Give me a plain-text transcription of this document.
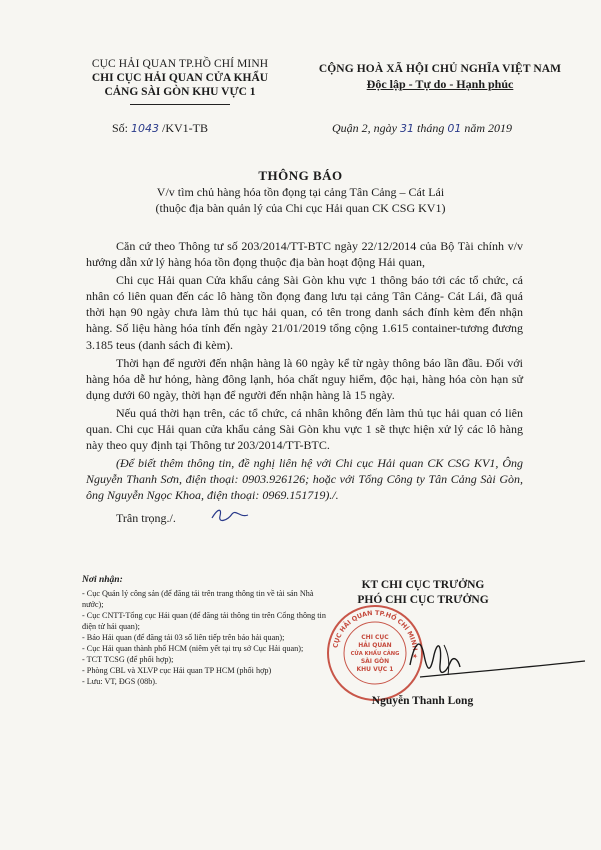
CỤC HẢI QUAN TP.HỒ CHÍ MINH
CHI CỤC HẢI QUAN CỬA KHẨU
CẢNG SÀI GÒN KHU VỰC 1
CỘNG HOÀ XÃ HỘI CHỦ NGHĨA VIỆT NAM
Độc lập - Tự do - Hạnh phúc
Số: 1043 /KV1-TB	Quận 2, ngày 31 tháng 01 năm 2019
THÔNG BÁO
V/v tìm chủ hàng hóa tồn đọng tại cảng Tân Cảng – Cát Lái
(thuộc địa bàn quản lý của Chi cục Hải quan CK CSG KV1)

Căn cứ theo Thông tư số 203/2014/TT-BTC ngày 22/12/2014 của Bộ Tài chính v/v hướng dẫn xử lý hàng hóa tồn đọng thuộc địa bàn hoạt động Hải quan,

Chi cục Hải quan Cửa khẩu cảng Sài Gòn khu vực 1 thông báo tới các tổ chức, cá nhân có liên quan đến các lô hàng tồn đọng đang lưu tại cảng Tân Cảng- Cát Lái, đã quá thời hạn 90 ngày chưa làm thủ tục hải quan, có tên trong danh sách đính kèm đến nhận hàng. Số liệu hàng hóa tính đến ngày 21/01/2019 tổng cộng 1.615 container-tương đương 3.185 teus (danh sách đi kèm).

Thời hạn để người đến nhận hàng là 60 ngày kể từ ngày thông báo lần đầu. Đối với hàng hóa dễ hư hỏng, hàng đông lạnh, hóa chất nguy hiểm, độc hại, hàng hóa còn hạn sử dụng dưới 60 ngày, thời hạn để người đến nhận hàng là 15 ngày.

Nếu quá thời hạn trên, các tổ chức, cá nhân không đến làm thủ tục hải quan có liên quan. Chi cục Hải quan cửa khẩu cảng Sài Gòn khu vực 1 sẽ thực hiện xử lý các lô hàng này theo quy định tại Thông tư 203/2014/TT-BTC.

(Để biết thêm thông tin, đề nghị liên hệ với Chi cục Hải quan CK CSG KV1, Ông Nguyễn Thanh Sơn, điện thoại: 0903.926126; hoặc với Tổng Công ty Tân Cảng Sài Gòn, ông Nguyễn Ngọc Khoa, điện thoại: 0969.151719)./.

Trân trọng./.

Nơi nhận:
- Cục Quản lý công sản (để đăng tải trên trang thông tin về tài sản Nhà nước);
- Cục CNTT-Tổng cục Hải quan (để đăng tải thông tin trên Cổng thông tin điện tử hải quan);
- Báo Hải quan (để đăng tải 03 số liên tiếp trên báo hải quan);
- Cục Hải quan thành phố HCM (niêm yết tại trụ sở Cục Hải quan);
- TCT TCSG (để phối hợp);
- Phòng CBL và XLVP cục Hải quan TP HCM (phối hợp)
- Lưu: VT, ĐGS (08b).
KT CHI CỤC TRƯỞNG
PHÓ CHI CỤC TRƯỞNG
CỤC HẢI QUAN TP.HỒ CHÍ MINH ★
CHI CỤC
HẢI QUAN
CỬA KHẨU CẢNG
SÀI GÒN
KHU VỰC 1
Nguyễn Thanh Long
